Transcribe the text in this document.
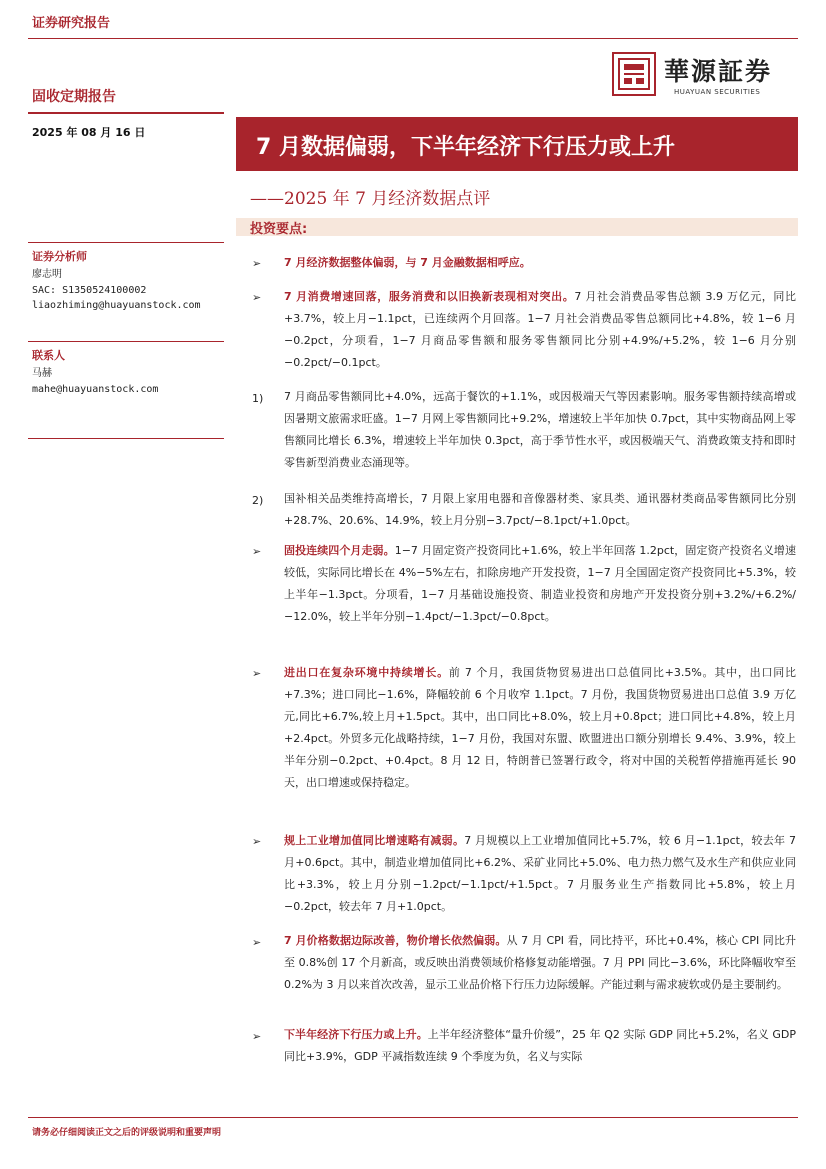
证券研究报告
固收定期报告
2025 年 08 月 16 日
華源証券
HUAYUAN SECURITIES
7 月数据偏弱，下半年经济下行压力或上升
——2025 年 7 月经济数据点评
投资要点:
证券分析师
廖志明
SAC: S1350524100002
liaozhiming@huayuanstock.com
联系人
马赫
mahe@huayuanstock.com
➢	7 月经济数据整体偏弱，与 7 月金融数据相呼应。
➢	7 月消费增速回落，服务消费和以旧换新表现相对突出。7 月社会消费品零售总额 3.9 万亿元，同比+3.7%，较上月−1.1pct，已连续两个月回落。1−7 月社会消费品零售总额同比+4.8%，较 1−6 月−0.2pct，分项看，1−7 月商品零售额和服务零售额同比分别+4.9%/+5.2%，较 1−6 月分别−0.2pct/−0.1pct。
1) 7 月商品零售额同比+4.0%，远高于餐饮的+1.1%，或因极端天气等因素影响。服务零售额持续高增或因暑期文旅需求旺盛。1−7 月网上零售额同比+9.2%，增速较上半年加快 0.7pct，其中实物商品网上零售额同比增长 6.3%，增速较上半年加快 0.3pct，高于季节性水平，或因极端天气、消费政策支持和即时零售新型消费业态涌现等。
2) 国补相关品类维持高增长，7 月限上家用电器和音像器材类、家具类、通讯器材类商品零售额同比分别+28.7%、20.6%、14.9%，较上月分别−3.7pct/−8.1pct/+1.0pct。
➢	固投连续四个月走弱。1−7 月固定资产投资同比+1.6%，较上半年回落 1.2pct，固定资产投资名义增速较低，实际同比增长在 4%−5%左右，扣除房地产开发投资，1−7 月全国固定资产投资同比+5.3%，较上半年−1.3pct。分项看，1−7 月基础设施投资、制造业投资和房地产开发投资分别+3.2%/+6.2%/−12.0%，较上半年分别−1.4pct/−1.3pct/−0.8pct。
➢	进出口在复杂环境中持续增长。前 7 个月，我国货物贸易进出口总值同比+3.5%。其中，出口同比+7.3%；进口同比−1.6%，降幅较前 6 个月收窄 1.1pct。7 月份，我国货物贸易进出口总值 3.9 万亿元,同比+6.7%,较上月+1.5pct。其中，出口同比+8.0%，较上月+0.8pct；进口同比+4.8%，较上月+2.4pct。外贸多元化战略持续，1−7 月份，我国对东盟、欧盟进出口额分别增长 9.4%、3.9%，较上半年分别−0.2pct、+0.4pct。8 月 12 日，特朗普已签署行政令，将对中国的关税暂停措施再延长 90 天，出口增速或保持稳定。
➢	规上工业增加值同比增速略有减弱。7 月规模以上工业增加值同比+5.7%，较 6 月−1.1pct，较去年 7 月+0.6pct。其中，制造业增加值同比+6.2%、采矿业同比+5.0%、电力热力燃气及水生产和供应业同比+3.3%，较上月分别−1.2pct/−1.1pct/+1.5pct。7 月服务业生产指数同比+5.8%，较上月−0.2pct，较去年 7 月+1.0pct。
➢	7 月价格数据边际改善，物价增长依然偏弱。从 7 月 CPI 看，同比持平，环比+0.4%，核心 CPI 同比升至 0.8%创 17 个月新高，或反映出消费领域价格修复动能增强。7 月 PPI 同比−3.6%，环比降幅收窄至 0.2%为 3 月以来首次改善，显示工业品价格下行压力边际缓解。产能过剩与需求疲软或仍是主要制约。
➢	下半年经济下行压力或上升。上半年经济整体“量升价缓”，25 年 Q2 实际 GDP 同比+5.2%，名义 GDP 同比+3.9%，GDP 平减指数连续 9 个季度为负，名义与实际
请务必仔细阅读正文之后的评级说明和重要声明
